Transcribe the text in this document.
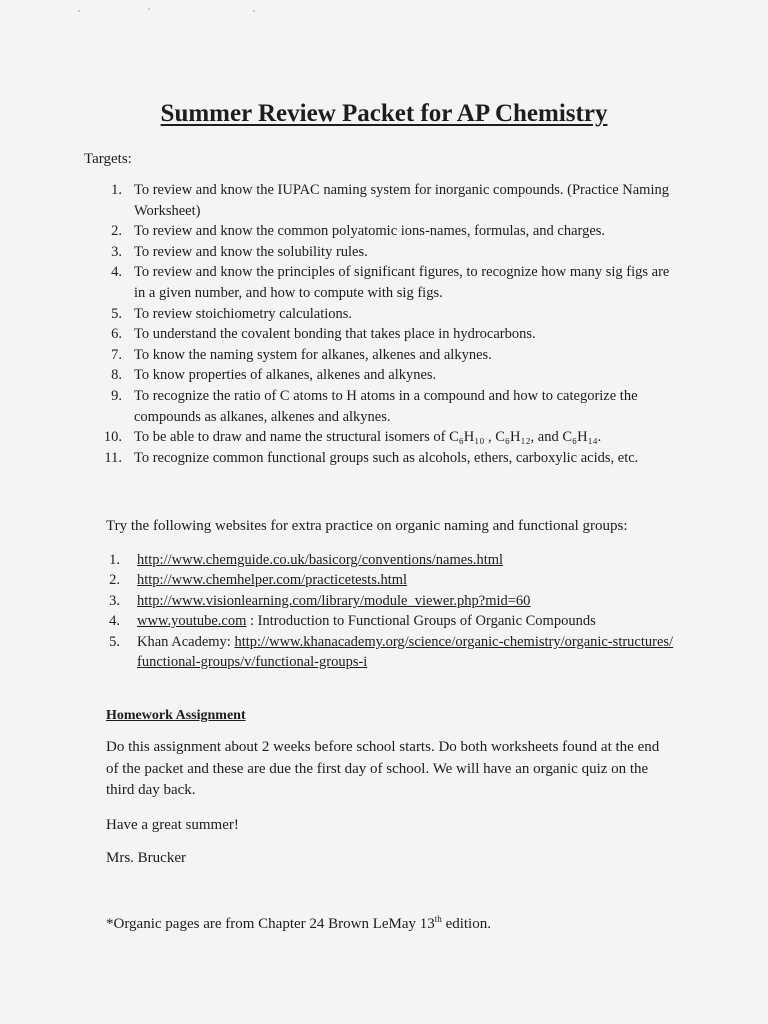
Summer Review Packet for AP Chemistry
Targets:
1. To review and know the IUPAC naming system for inorganic compounds. (Practice Naming Worksheet)
2. To review and know the common polyatomic ions-names, formulas, and charges.
3. To review and know the solubility rules.
4. To review and know the principles of significant figures, to recognize how many sig figs are in a given number, and how to compute with sig figs.
5. To review stoichiometry calculations.
6. To understand the covalent bonding that takes place in hydrocarbons.
7. To know the naming system for alkanes, alkenes and alkynes.
8. To know properties of alkanes, alkenes and alkynes.
9. To recognize the ratio of C atoms to H atoms in a compound and how to categorize the compounds as alkanes, alkenes and alkynes.
10. To be able to draw and name the structural isomers of C₆H₁₀ , C₆H₁₂, and C₆H₁₄.
11. To recognize common functional groups such as alcohols, ethers, carboxylic acids, etc.
Try the following websites for extra practice on organic naming and functional groups:
1.	http://www.chemguide.co.uk/basicorg/conventions/names.html
2.	http://www.chemhelper.com/practicetests.html
3.	http://www.visionlearning.com/library/module_viewer.php?mid=60
4.	www.youtube.com : Introduction to Functional Groups of Organic Compounds
5.	Khan Academy: http://www.khanacademy.org/science/organic-chemistry/organic-structures/functional-groups/v/functional-groups-i
Homework Assignment
Do this assignment about 2 weeks before school starts. Do both worksheets found at the end of the packet and these are due the first day of school. We will have an organic quiz on the third day back.
Have a great summer!
Mrs. Brucker
*Organic pages are from Chapter 24 Brown LeMay 13th edition.
